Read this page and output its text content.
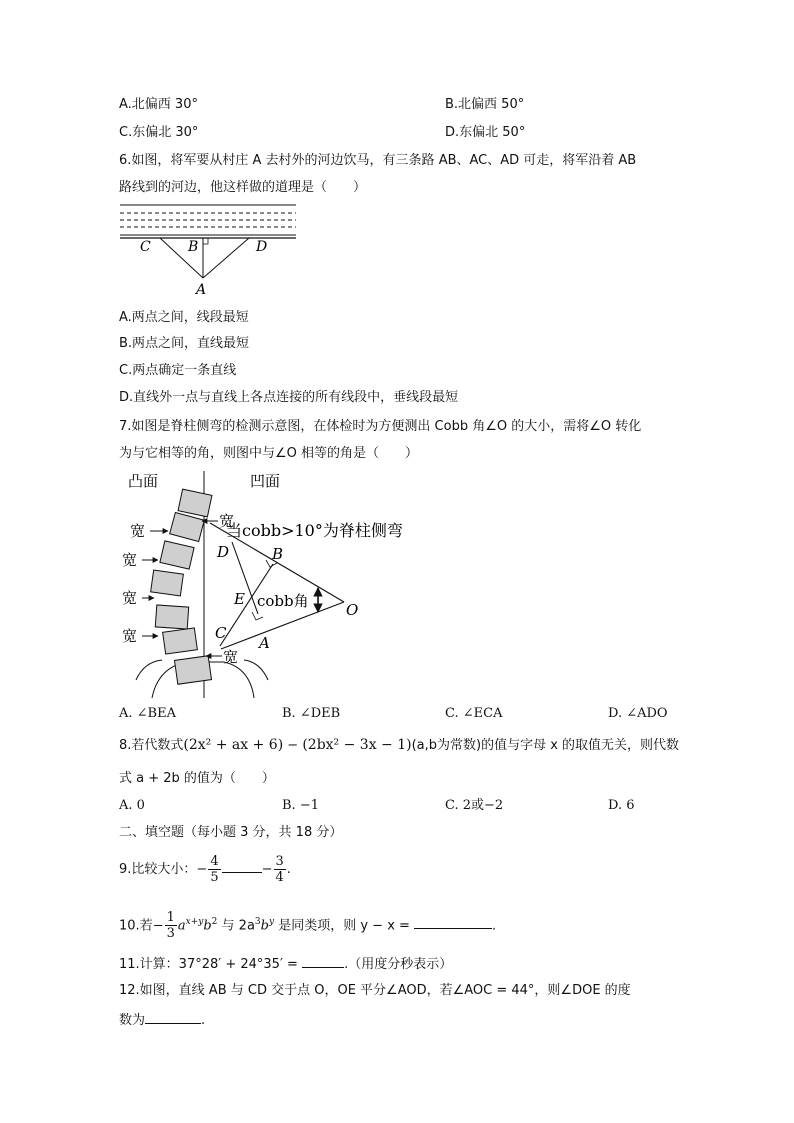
A.北偏西 30°	B.北偏西 50°
C.东偏北 30°	D.东偏北 50°
6.如图，将军要从村庄 A 去村外的河边饮马，有三条路 AB、AC、AD 可走，将军沿着 AB
路线到的河边，他这样做的道理是（　　）
C	B	D
A
A.两点之间，线段最短
B.两点之间，直线最短
C.两点确定一条直线
D.直线外一点与直线上各点连接的所有线段中，垂线段最短
7.如图是脊柱侧弯的检测示意图，在体检时为方便测出 Cobb 角∠O 的大小，需将∠O 转化
为与它相等的角，则图中与∠O 相等的角是（　　）
凸面	凹面
宽
宽
宽
宽
宽
宽
当cobb>10°为脊柱侧弯
D	B
E cobb角
C
A
O
A. ∠BEA	B. ∠DEB	C. ∠ECA	D. ∠ADO
8.若代数式(2x² + ax + 6) − (2bx² − 3x − 1)(a,b为常数)的值与字母 x 的取值无关，则代数
式 a + 2b 的值为（　　）
A. 0	B. −1	C. 2或−2	D. 6
二、填空题（每小题 3 分，共 18 分）
9.比较大小：− $\frac{4}{5}$	− $\frac{3}{4}$ .
10.若− $\frac{1}{3} a^{x+y}b^2$ 与 $2a^3b^y$ 是同类项，则 y − x =	.
11.计算：37°28′ + 24°35′ =	.（用度分秒表示）
12.如图，直线 AB 与 CD 交于点 O，OE 平分∠AOD，若∠AOC = 44°，则∠DOE 的度
数为	.
